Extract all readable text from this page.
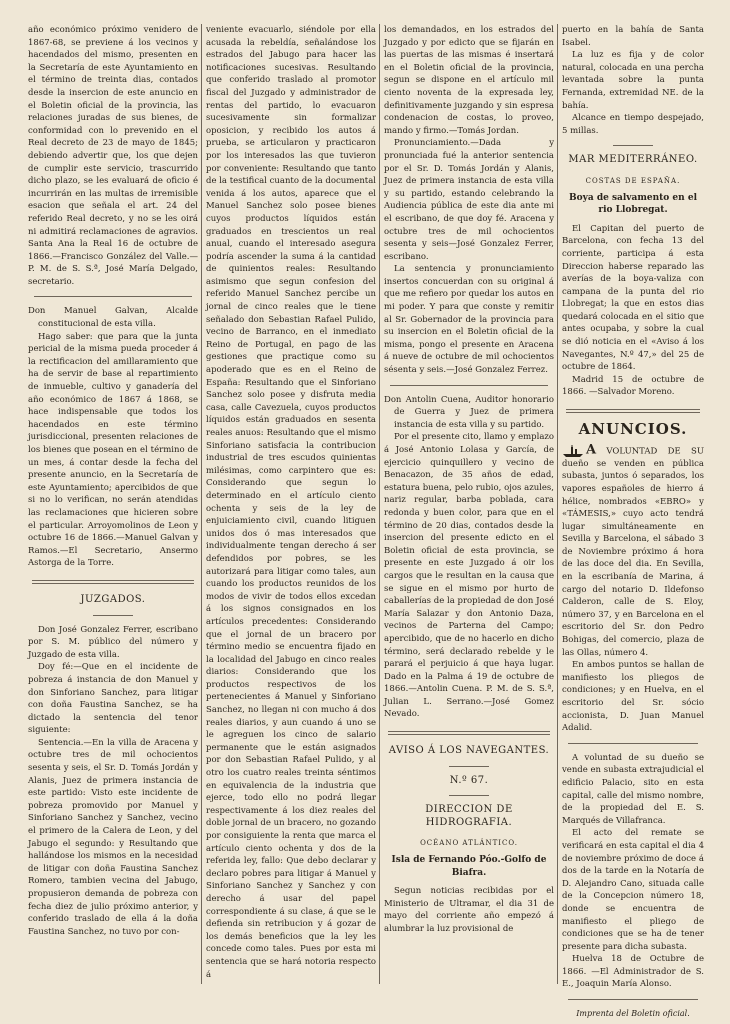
año económico próximo venidero de 1867-68, se previene á los vecinos y hacendados del mismo, presenten en la Secretaría de este Ayuntamiento en el término de treinta dias, contados desde la insercion de este anuncio en el Boletin oficial de la provincia, las relaciones juradas de sus bienes, de conformidad con lo prevenido en el Real decreto de 23 de mayo de 1845; debiendo advertir que, los que dejen de cumplir este servicio, trascurrido dicho plazo, se les evaluará de oficio é incurrirán en las multas de irremisible esacion que señala el art. 24 del referido Real decreto, y no se les oirá ni admitirá reclamaciones de agravios. Santa Ana la Real 16 de octubre de 1866.—Francisco González del Valle.—P. M. de S. S.ª, José María Delgado, secretario.

Don Manuel Galvan, Alcalde constitucional de esta villa.

Hago saber: que para que la junta pericial de la misma pueda proceder á la rectificacion del amillaramiento que ha de servir de base al repartimiento de inmueble, cultivo y ganadería del año económico de 1867 á 1868, se hace indispensable que todos los hacendados en este término jurisdiccional, presenten relaciones de los bienes que posean en el término de un mes, á contar desde la fecha del presente anuncio, en la Secretaría de este Ayuntamiento; apercibidos de que si no lo verifican, no serán atendidas las reclamaciones que hicieren sobre el particular. Arroyomolinos de Leon y octubre 16 de 1866.—Manuel Galvan y Ramos.—El Secretario, Ansermo Astorga de la Torre.

JUZGADOS.

Don José Gonzalez Ferrer, escribano por S. M. público del número y Juzgado de esta villa.

Doy fé:—Que en el incidente de pobreza á instancia de don Manuel y don Sinforiano Sanchez, para litigar con doña Faustina Sanchez, se ha dictado la sentencia del tenor siguiente:

Sentencia.—En la villa de Aracena y octubre tres de mil ochocientos sesenta y seis, el Sr. D. Tomás Jordán y Alanis, Juez de primera instancia de este partido: Visto este incidente de pobreza promovido por Manuel y Sinforiano Sanchez y Sanchez, vecino el primero de la Calera de Leon, y del Jabugo el segundo: y Resultando que hallándose los mismos en la necesidad de litigar con doña Faustina Sanchez Romero, tambien vecina del Jabugo, propusieron demanda de pobreza con fecha diez de julio próximo anterior, y conferido traslado de ella á la doña Faustina Sanchez, no tuvo por con-

veniente evacuarlo, siéndole por ella acusada la rebeldía, señalándose los estrados del Jabugo para hacer las notificaciones sucesivas. Resultando que conferido traslado al promotor fiscal del Juzgado y administrador de rentas del partido, lo evacuaron sucesivamente sin formalizar oposicion, y recibido los autos á prueba, se articularon y practicaron por los interesados las que tuvieron por conveniente: Resultando que tanto de la testifical cuanto de la documental venida á los autos, aparece que el Manuel Sanchez solo posee bienes cuyos productos líquidos están graduados en trescientos un real anual, cuando el interesado asegura podría ascender la suma á la cantidad de quinientos reales: Resultando asimismo que segun confesion del referido Manuel Sanchez percibe un jornal de cinco reales que le tiene señalado don Sebastian Rafael Pulido, vecino de Barranco, en el inmediato Reino de Portugal, en pago de las gestiones que practique como su apoderado que es en el Reino de España: Resultando que el Sinforiano Sanchez solo posee y disfruta media casa, calle Cavezuela, cuyos productos líquidos están graduados en sesenta reales anuos: Resultando que el mismo Sinforiano satisfacia la contribucion industrial de tres escudos quinientas milésimas, como carpintero que es: Considerando que segun lo determinado en el artículo ciento ochenta y seis de la ley de enjuiciamiento civil, cuando litiguen unidos dos ó mas interesados que individualmente tengan derecho á ser defendidos por pobres, se les autorizará para litigar como tales, aun cuando los productos reunidos de los modos de vivir de todos ellos excedan á los signos consignados en los artículos precedentes: Considerando que el jornal de un bracero por término medio se encuentra fijado en la localidad del Jabugo en cinco reales diarios: Considerando que los productos respectivos de los pertenecientes á Manuel y Sinforiano Sanchez, no llegan ni con mucho á dos reales diarios, y aun cuando á uno se le agreguen los cinco de salario permanente que le están asignados por don Sebastian Rafael Pulido, y al otro los cuatro reales treinta séntimos en equivalencia de la industria que ejerce, todo ello no podrá llegar respectivamente á los diez reales del doble jornal de un bracero, no gozando por consiguiente la renta que marca el artículo ciento ochenta y dos de la referida ley, fallo: Que debo declarar y declaro pobres para litigar á Manuel y Sinforiano Sanchez y Sanchez y con derecho á usar del papel correspondiente á su clase, á que se le defienda sin retribucion y á gozar de los demás beneficios que la ley les concede como tales. Pues por esta mi sentencia que se hará notoria respecto á

los demandados, en los estrados del Juzgado y por edicto que se fijarán en las puertas de las mismas é insertará en el Boletin oficial de la provincia, segun se dispone en el artículo mil ciento noventa de la expresada ley, definitivamente juzgando y sin espresa condenacion de costas, lo proveo, mando y firmo.—Tomás Jordan.

Pronunciamiento.—Dada y pronunciada fué la anterior sentencia por el Sr. D. Tomás Jordán y Alanis, Juez de primera instancia de esta villa y su partido, estando celebrando la Audiencia pública de este dia ante mi el escribano, de que doy fé. Aracena y octubre tres de mil ochocientos sesenta y seis—José Gonzalez Ferrer, escribano.

La sentencia y pronunciamiento insertos concuerdan con su original á que me refiero por quedar los autos en mi poder. Y para que conste y remitir al Sr. Gobernador de la provincia para su insercion en el Boletin oficial de la misma, pongo el presente en Aracena á nueve de octubre de mil ochocientos sésenta y seis.—José Gonzalez Ferrez.

Don Antolin Cuena, Auditor honorario de Guerra y Juez de primera instancia de esta villa y su partido.

Por el presente cito, llamo y emplazo á José Antonio Lolasa y García, de ejercicio quinquillero y vecino de Benacazon, de 35 años de edad, estatura buena, pelo rubio, ojos azules, nariz regular, barba poblada, cara redonda y buen color, para que en el término de 20 dias, contados desde la insercion del presente edicto en el Boletin oficial de esta provincia, se presente en este Juzgado á oir los cargos que le resultan en la causa que se sigue en el mismo por hurto de caballerías de la propiedad de don José María Salazar y don Antonio Daza, vecinos de Parterna del Campo; apercibido, que de no hacerlo en dicho término, será declarado rebelde y le parará el perjuicio á que haya lugar. Dado en la Palma á 19 de octubre de 1866.—Antolin Cuena. P. M. de S. S.ª, Julian L. Serrano.—José Gomez Nevado.

AVISO Á LOS NAVEGANTES.
N.º 67.
DIRECCION DE HIDROGRAFIA.
OCÉANO ATLÁNTICO.
Isla de Fernando Póo.-Golfo de Biafra.

Segun noticias recibidas por el Ministerio de Ultramar, el dia 31 de mayo del corriente año empezó á alumbrar la luz provisional de

puerto en la bahía de Santa Isabel.

La luz es fija y de color natural, colocada en una percha levantada sobre la punta Fernanda, extremidad NE. de la bahía.

Alcance en tiempo despejado, 5 millas.

MAR MEDITERRÁNEO.
COSTAS DE ESPAÑA.
Boya de salvamento en el rio Llobregat.

El Capitan del puerto de Barcelona, con fecha 13 del corriente, participa á esta Direccion haberse reparado las averías de la boya-valiza con campana de la punta del rio Llobregat; la que en estos dias quedará colocada en el sitio que antes ocupaba, y sobre la cual se dió noticia en el «Aviso á los Navegantes, N.º 47,» del 25 de octubre de 1864.

Madrid 15 de octubre de 1866. —Salvador Moreno.

ANUNCIOS.

A VOLUNTAD DE SU dueño se venden en pública subasta, juntos ó separados, los vapores españoles de hierro á hélice, nombrados «EBRO» y «TÁMESIS,» cuyo acto tendrá lugar simultáneamente en Sevilla y Barcelona, el sábado 3 de Noviembre próximo á hora de las doce del dia. En Sevilla, en la escribanía de Marina, á cargo del notario D. Ildefonso Calderon, calle de S. Eloy, número 37, y en Barcelona en el escritorio del Sr. don Pedro Bohigas, del comercio, plaza de las Ollas, número 4.

En ambos puntos se hallan de manifiesto los pliegos de condiciones; y en Huelva, en el escritorio del Sr. sócio accionista, D. Juan Manuel Adalid.

A voluntad de su dueño se vende en subasta extrajudicial el edificio Palacio, sito en esta capital, calle del mismo nombre, de la propiedad del E. S. Marqués de Villafranca.

El acto del remate se verificará en esta capital el dia 4 de noviembre próximo de doce á dos de la tarde en la Notaría de D. Alejandro Cano, situada calle de la Concepcion número 18, donde se encuentra de manifiesto el pliego de condiciones que se ha de tener presente para dicha subasta.

Huelva 18 de Octubre de 1866. —El Administrador de S. E., Joaquin María Alonso.

Imprenta del Boletin oficial.
